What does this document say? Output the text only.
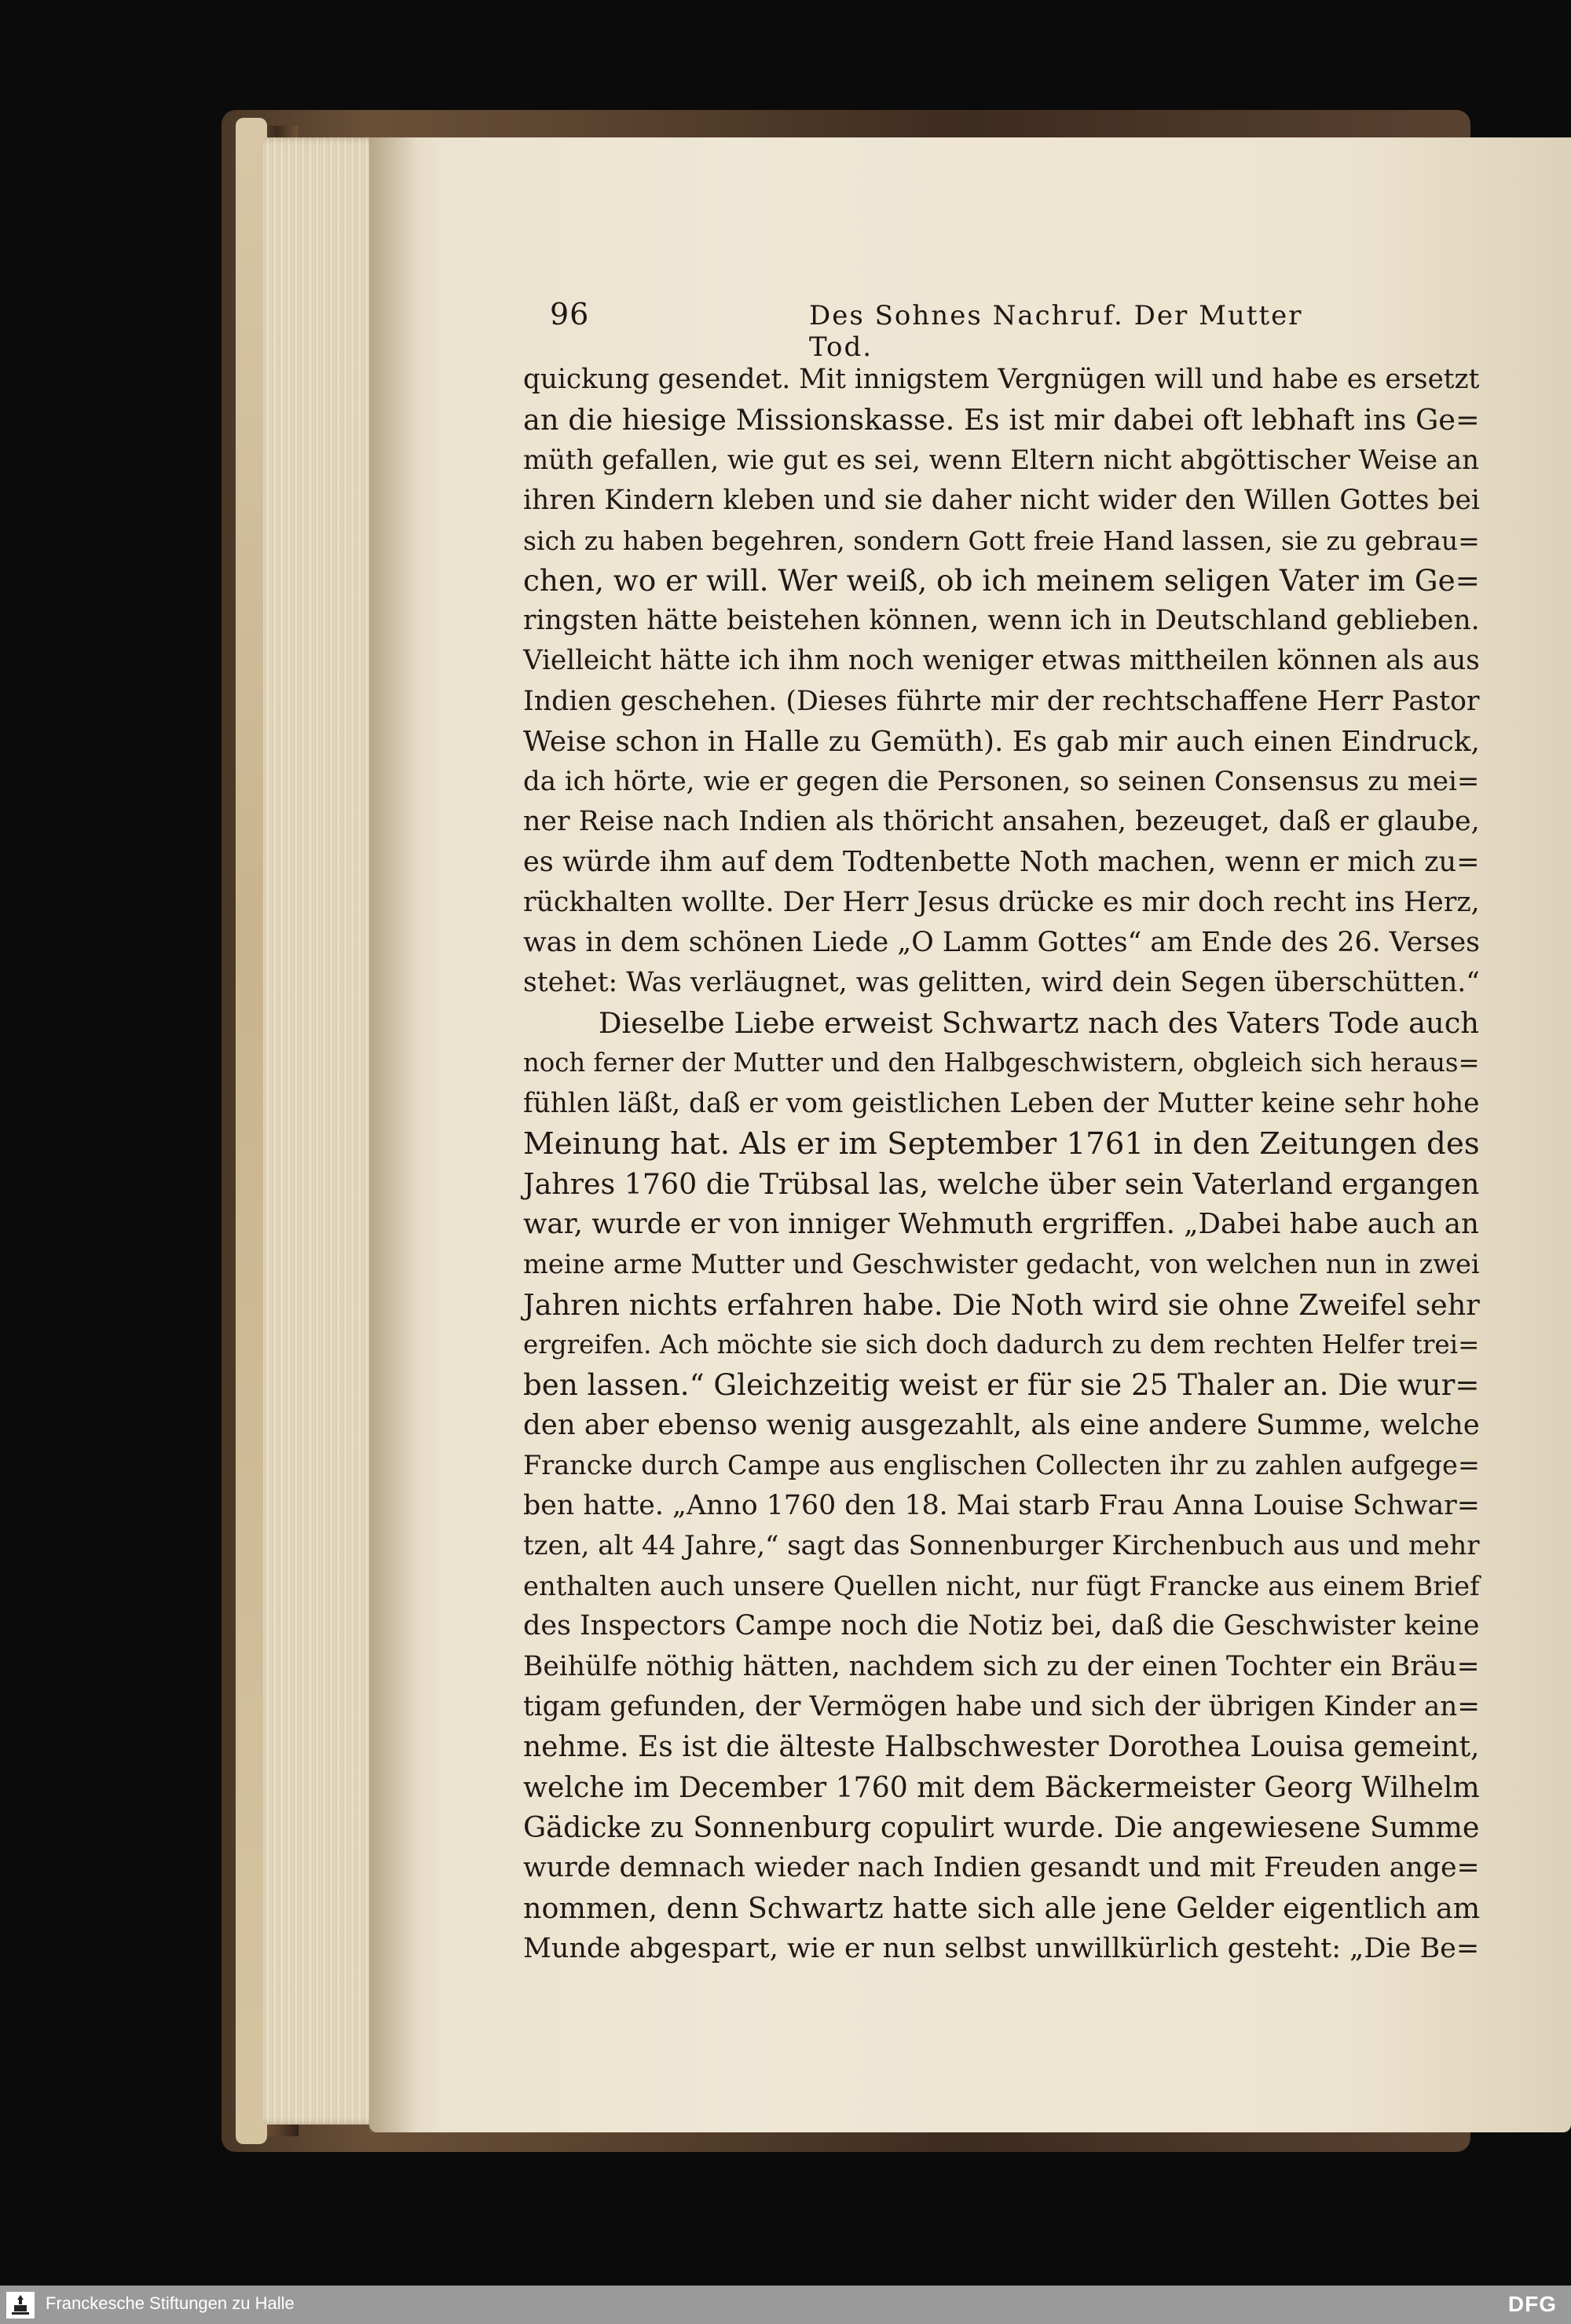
96	Des Sohnes Nachruf. Der Mutter Tod.
quickung gesendet. Mit innigstem Vergnügen will und habe es ersetzt
an die hiesige Missionskasse. Es ist mir dabei oft lebhaft ins Ge=
müth gefallen, wie gut es sei, wenn Eltern nicht abgöttischer Weise an
ihren Kindern kleben und sie daher nicht wider den Willen Gottes bei
sich zu haben begehren, sondern Gott freie Hand lassen, sie zu gebrau=
chen, wo er will. Wer weiß, ob ich meinem seligen Vater im Ge=
ringsten hätte beistehen können, wenn ich in Deutschland geblieben.
Vielleicht hätte ich ihm noch weniger etwas mittheilen können als aus
Indien geschehen. (Dieses führte mir der rechtschaffene Herr Pastor
Weise schon in Halle zu Gemüth). Es gab mir auch einen Eindruck,
da ich hörte, wie er gegen die Personen, so seinen Consensus zu mei=
ner Reise nach Indien als thöricht ansahen, bezeuget, daß er glaube,
es würde ihm auf dem Todtenbette Noth machen, wenn er mich zu=
rückhalten wollte. Der Herr Jesus drücke es mir doch recht ins Herz,
was in dem schönen Liede „O Lamm Gottes“ am Ende des 26. Verses
stehet: Was verläugnet, was gelitten, wird dein Segen überschütten.“
Dieselbe Liebe erweist Schwartz nach des Vaters Tode auch
noch ferner der Mutter und den Halbgeschwistern, obgleich sich heraus=
fühlen läßt, daß er vom geistlichen Leben der Mutter keine sehr hohe
Meinung hat. Als er im September 1761 in den Zeitungen des
Jahres 1760 die Trübsal las, welche über sein Vaterland ergangen
war, wurde er von inniger Wehmuth ergriffen. „Dabei habe auch an
meine arme Mutter und Geschwister gedacht, von welchen nun in zwei
Jahren nichts erfahren habe. Die Noth wird sie ohne Zweifel sehr
ergreifen. Ach möchte sie sich doch dadurch zu dem rechten Helfer trei=
ben lassen.“ Gleichzeitig weist er für sie 25 Thaler an. Die wur=
den aber ebenso wenig ausgezahlt, als eine andere Summe, welche
Francke durch Campe aus englischen Collecten ihr zu zahlen aufgege=
ben hatte. „Anno 1760 den 18. Mai starb Frau Anna Louise Schwar=
tzen, alt 44 Jahre,“ sagt das Sonnenburger Kirchenbuch aus und mehr
enthalten auch unsere Quellen nicht, nur fügt Francke aus einem Brief
des Inspectors Campe noch die Notiz bei, daß die Geschwister keine
Beihülfe nöthig hätten, nachdem sich zu der einen Tochter ein Bräu=
tigam gefunden, der Vermögen habe und sich der übrigen Kinder an=
nehme. Es ist die älteste Halbschwester Dorothea Louisa gemeint,
welche im December 1760 mit dem Bäckermeister Georg Wilhelm
Gädicke zu Sonnenburg copulirt wurde. Die angewiesene Summe
wurde demnach wieder nach Indien gesandt und mit Freuden ange=
nommen, denn Schwartz hatte sich alle jene Gelder eigentlich am
Munde abgespart, wie er nun selbst unwillkürlich gesteht: „Die Be=
Franckesche Stiftungen zu Halle	DFG
